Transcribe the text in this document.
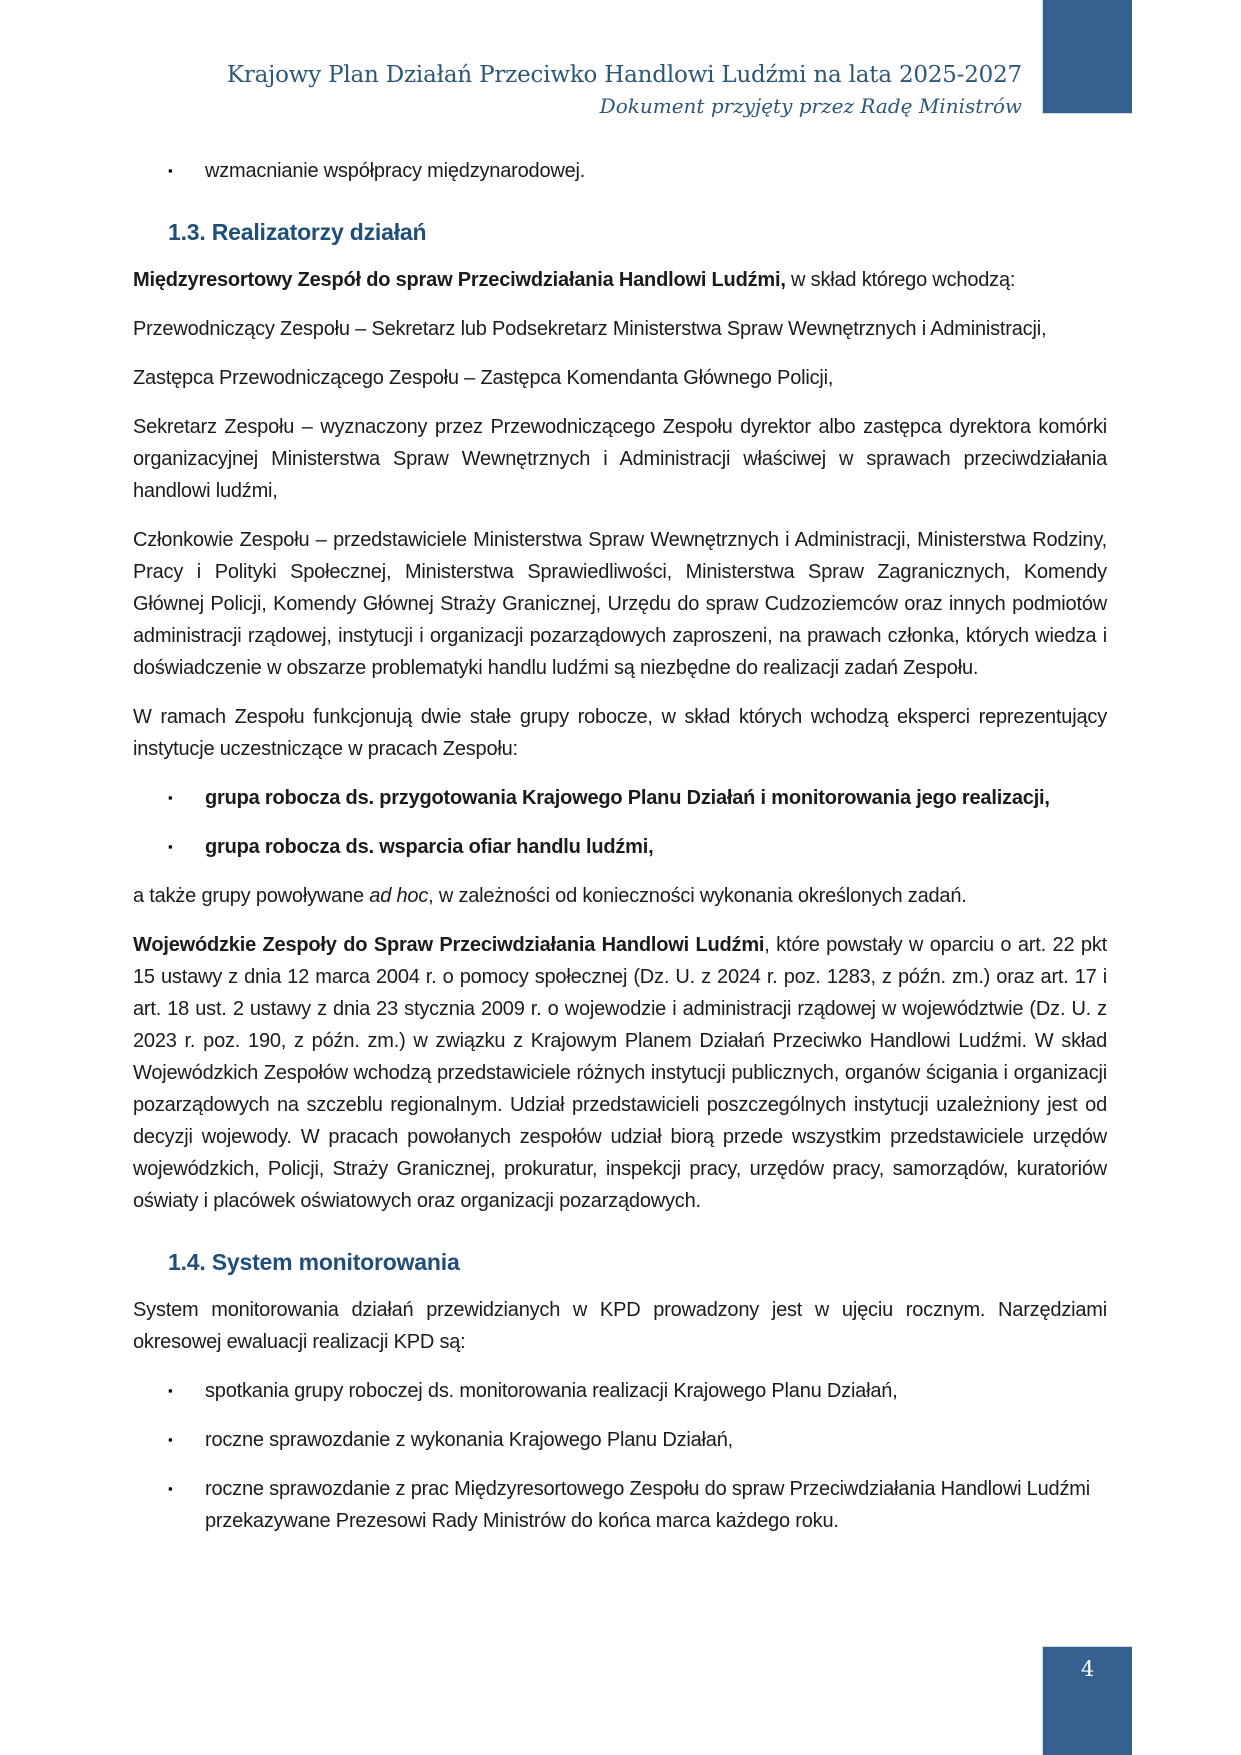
Krajowy Plan Działań Przeciwko Handlowi Ludźmi na lata 2025-2027
Dokument przyjęty przez Radę Ministrów
▪	wzmacnianie współpracy międzynarodowej.
1.3. Realizatorzy działań

Międzyresortowy Zespół do spraw Przeciwdziałania Handlowi Ludźmi, w skład którego wchodzą:

Przewodniczący Zespołu – Sekretarz lub Podsekretarz Ministerstwa Spraw Wewnętrznych i Administracji,

Zastępca Przewodniczącego Zespołu – Zastępca Komendanta Głównego Policji,

Sekretarz Zespołu – wyznaczony przez Przewodniczącego Zespołu dyrektor albo zastępca dyrektora komórki organizacyjnej Ministerstwa Spraw Wewnętrznych i Administracji właściwej w sprawach przeciwdziałania handlowi ludźmi,

Członkowie Zespołu – przedstawiciele Ministerstwa Spraw Wewnętrznych i Administracji, Ministerstwa Rodziny, Pracy i Polityki Społecznej, Ministerstwa Sprawiedliwości, Ministerstwa Spraw Zagranicznych, Komendy Głównej Policji, Komendy Głównej Straży Granicznej, Urzędu do spraw Cudzoziemców oraz innych podmiotów administracji rządowej, instytucji i organizacji pozarządowych zaproszeni, na prawach członka, których wiedza i doświadczenie w obszarze problematyki handlu ludźmi są niezbędne do realizacji zadań Zespołu.

W ramach Zespołu funkcjonują dwie stałe grupy robocze, w skład których wchodzą eksperci reprezentujący instytucje uczestniczące w pracach Zespołu:

▪	grupa robocza ds. przygotowania Krajowego Planu Działań i monitorowania jego realizacji,
▪	grupa robocza ds. wsparcia ofiar handlu ludźmi,

a także grupy powoływane ad hoc, w zależności od konieczności wykonania określonych zadań.

Wojewódzkie Zespoły do Spraw Przeciwdziałania Handlowi Ludźmi, które powstały w oparciu o art. 22 pkt 15 ustawy z dnia 12 marca 2004 r. o pomocy społecznej (Dz. U. z 2024 r. poz. 1283, z późn. zm.) oraz art. 17 i art. 18 ust. 2 ustawy z dnia 23 stycznia 2009 r. o wojewodzie i administracji rządowej w województwie (Dz. U. z 2023 r. poz. 190, z późn. zm.) w związku z Krajowym Planem Działań Przeciwko Handlowi Ludźmi. W skład Wojewódzkich Zespołów wchodzą przedstawiciele różnych instytucji publicznych, organów ścigania i organizacji pozarządowych na szczeblu regionalnym. Udział przedstawicieli poszczególnych instytucji uzależniony jest od decyzji wojewody. W pracach powołanych zespołów udział biorą przede wszystkim przedstawiciele urzędów wojewódzkich, Policji, Straży Granicznej, prokuratur, inspekcji pracy, urzędów pracy, samorządów, kuratoriów oświaty i placówek oświatowych oraz organizacji pozarządowych.

1.4. System monitorowania

System monitorowania działań przewidzianych w KPD prowadzony jest w ujęciu rocznym. Narzędziami okresowej ewaluacji realizacji KPD są:

▪	spotkania grupy roboczej ds. monitorowania realizacji Krajowego Planu Działań,
▪	roczne sprawozdanie z wykonania Krajowego Planu Działań,
▪	roczne sprawozdanie z prac Międzyresortowego Zespołu do spraw Przeciwdziałania Handlowi Ludźmi przekazywane Prezesowi Rady Ministrów do końca marca każdego roku.
4
